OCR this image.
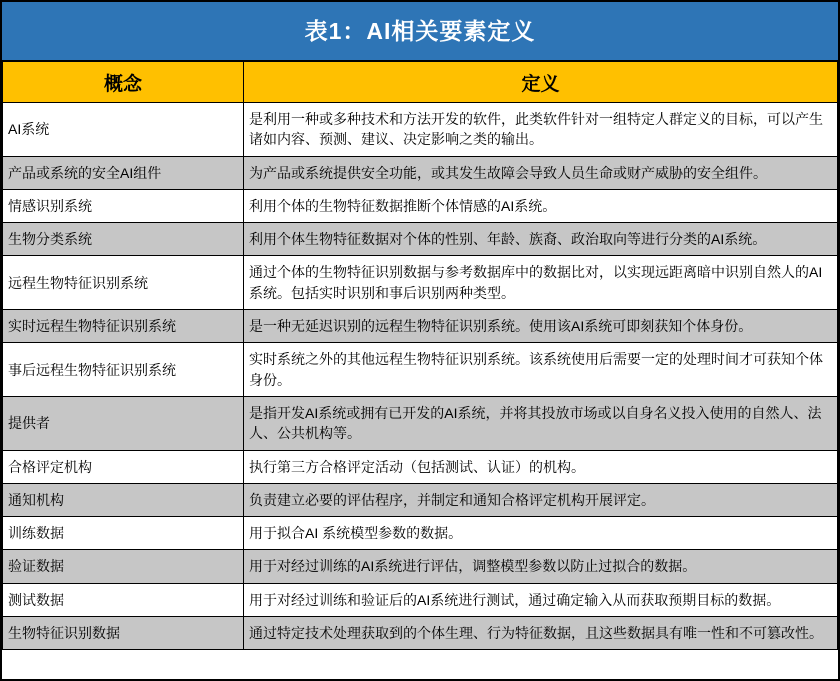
表1：AI相关要素定义
概念	定义
AI系统	是利用一种或多种技术和方法开发的软件，此类软件针对一组特定人群定义的目标，可以产生诸如内容、预测、建议、决定影响之类的输出。
产品或系统的安全AI组件	为产品或系统提供安全功能，或其发生故障会导致人员生命或财产威胁的安全组件。
情感识别系统	利用个体的生物特征数据推断个体情感的AI系统。
生物分类系统	利用个体生物特征数据对个体的性别、年龄、族裔、政治取向等进行分类的AI系统。
远程生物特征识别系统	通过个体的生物特征识别数据与参考数据库中的数据比对，以实现远距离暗中识别自然人的AI系统。包括实时识别和事后识别两种类型。
实时远程生物特征识别系统	是一种无延迟识别的远程生物特征识别系统。使用该AI系统可即刻获知个体身份。
事后远程生物特征识别系统	实时系统之外的其他远程生物特征识别系统。该系统使用后需要一定的处理时间才可获知个体身份。
提供者	是指开发AI系统或拥有已开发的AI系统，并将其投放市场或以自身名义投入使用的自然人、法人、公共机构等。
合格评定机构	执行第三方合格评定活动（包括测试、认证）的机构。
通知机构	负责建立必要的评估程序，并制定和通知合格评定机构开展评定。
训练数据	用于拟合AI 系统模型参数的数据。
验证数据	用于对经过训练的AI系统进行评估，调整模型参数以防止过拟合的数据。
测试数据	用于对经过训练和验证后的AI系统进行测试，通过确定输入从而获取预期目标的数据。
生物特征识别数据	通过特定技术处理获取到的个体生理、行为特征数据，且这些数据具有唯一性和不可篡改性。
